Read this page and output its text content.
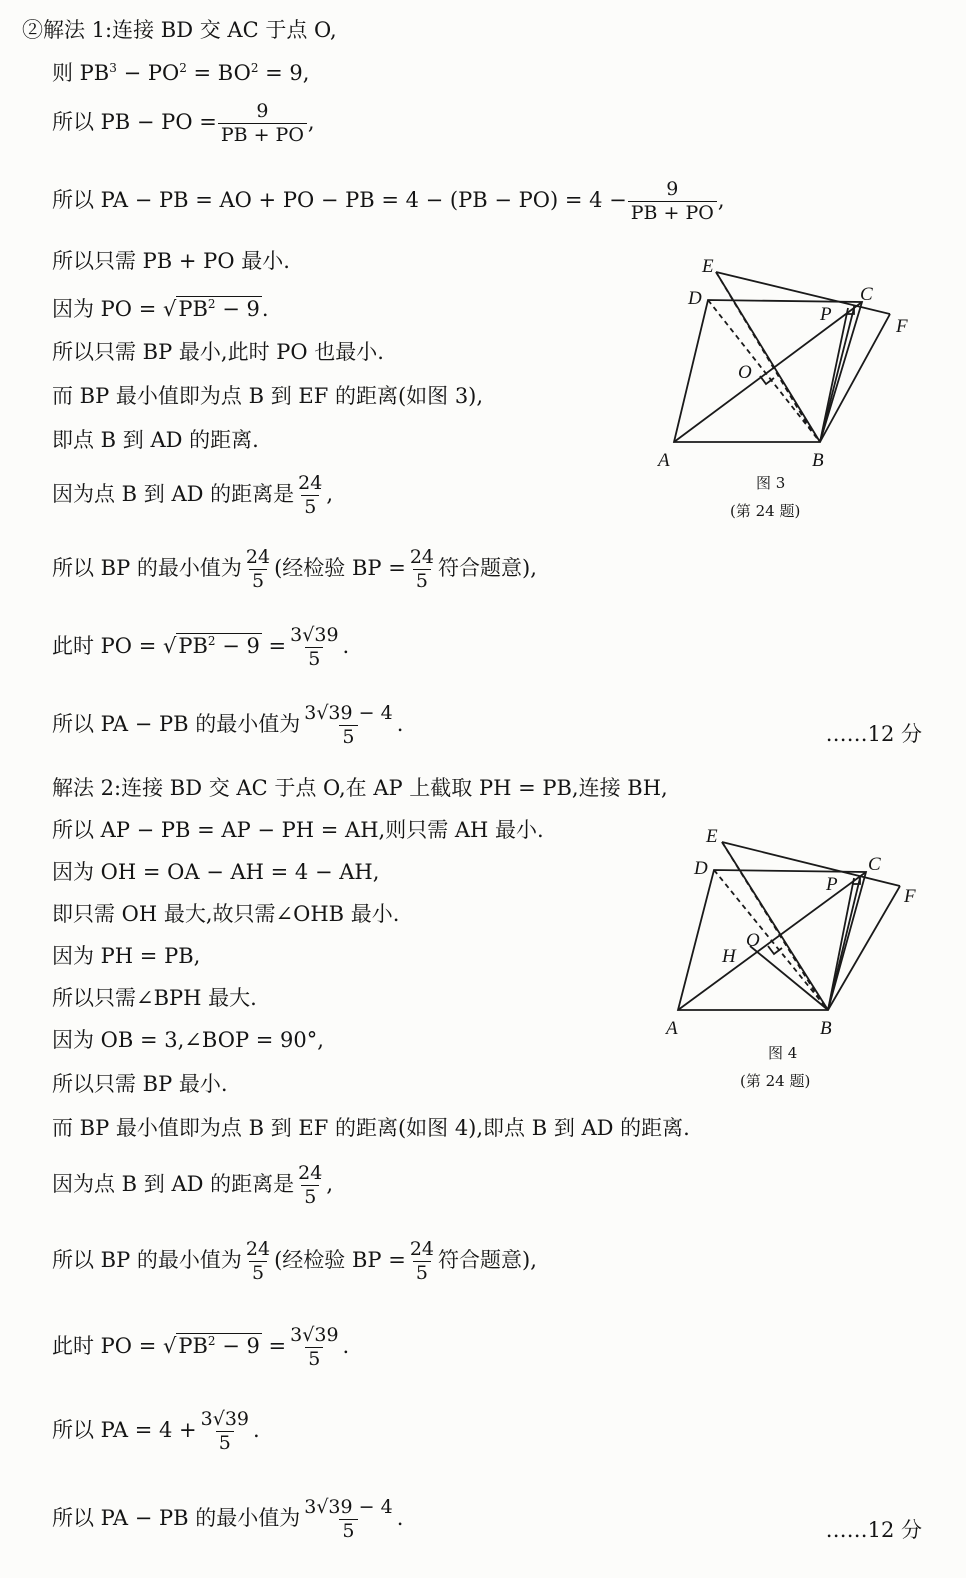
②解法 1:连接 BD 交 AC 于点 O,
则 $PB^3 - PO^2 = BO^2 = 9$,
所以 PB − PO = $\frac{9}{PB + PO}$ ,
所以 PA − PB = AO + PO − PB = $4 - (PB - PO) = 4 - \frac{9}{PB + PO}$ ,
所以只需 PB + PO 最小.
因为 PO = $√PB^2 - 9$.
所以只需 BP 最小,此时 PO 也最小.
而 BP 最小值即为点 B 到 EF 的距离(如图 3),
即点 B 到 AD 的距离.
因为点 B 到 AD 的距离是 $\frac{24}{5}$ ,
所以 BP 的最小值为 $\frac{24}{5}$ (经检验 BP = $\frac{24}{5}$ 符合题意),
此时 PO = $√PB^2 - 9 = \frac{3√39}{5}$ .
所以 PA − PB 的最小值为 $\frac{3√39 - 4}{5}$ .	……12 分
解法 2:连接 BD 交 AC 于点 O,在 AP 上截取 PH = PB,连接 BH,
所以 AP − PB = AP − PH = AH,则只需 AH 最小.
因为 OH = OA − AH = 4 − AH,
即只需 OH 最大,故只需∠OHB 最小.
因为 PH = PB,
所以只需∠BPH 最大.
因为 OB = 3,∠BOP = 90°,
所以只需 BP 最小.
而 BP 最小值即为点 B 到 EF 的距离(如图 4),即点 B 到 AD 的距离.
因为点 B 到 AD 的距离是 $\frac{24}{5}$ ,
所以 BP 的最小值为 $\frac{24}{5}$ (经检验 BP = $\frac{24}{5}$ 符合题意),
此时 PO = $√PB^2 - 9 = \frac{3√39}{5}$ .
所以 PA = $4 + \frac{3√39}{5}$ .
所以 PA − PB 的最小值为 $\frac{3√39 - 4}{5}$ .	……12 分
A	B
C
D
E
F
O
P
图 3
(第 24 题)
A	B
C
D
E
F
O
P
H
图 4
(第 24 题)
